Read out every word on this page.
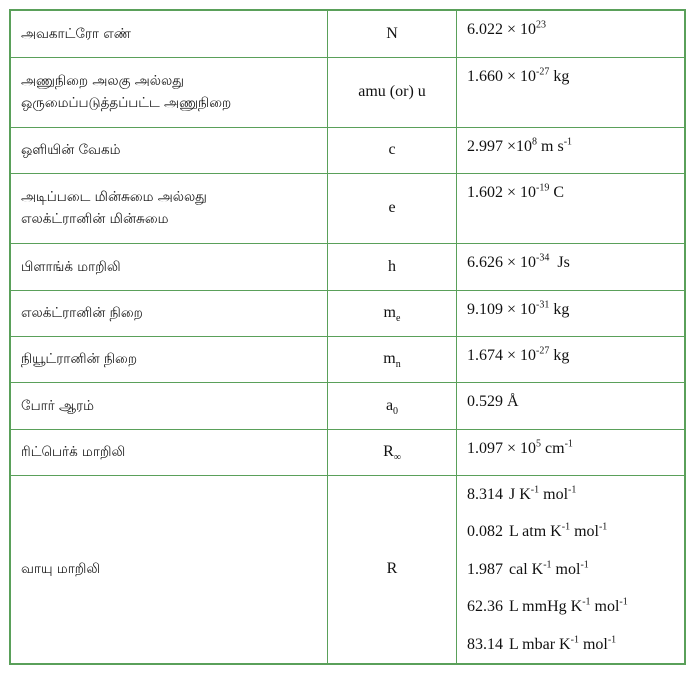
அவகாட்ரோ எண்	N	$6.022 \times 10^{23}$

அணுநிறை அலகு அல்லது
ஒருமைப்படுத்தப்பட்ட அணுநிறை	amu (or) u	$1.660 \times 10^{-27}$ kg

ஒளியின் வேகம்	c	$2.997 \times 10^8$ m $s^{-1}$

அடிப்படை மின்சுமை அல்லது
எலக்ட்ரானின் மின்சுமை	e	$1.602 \times 10^{-19}$ C

பிளாங்க் மாறிலி	h	$6.626 \times 10^{-34}$  Js

எலக்ட்ரானின் நிறை	$m_e$	$9.109 \times 10^{-31}$ kg

நியூட்ரானின் நிறை	$m_n$	$1.674 \times 10^{-27}$ kg

போர் ஆரம்	$a_0$	0.529 Å

ரிட்பெர்க் மாறிலி	$R_\infty$	$1.097 \times 10^5$ $cm^{-1}$

வாயு மாறிலி	R	8.314 J $K^{-1}$ mol$^{-1}$
0.082 L atm $K^{-1}$ mol$^{-1}$
1.987 cal $K^{-1}$ mol$^{-1}$
62.36 L mmHg $K^{-1}$ mol$^{-1}$
83.14 L mbar $K^{-1}$ mol$^{-1}$
